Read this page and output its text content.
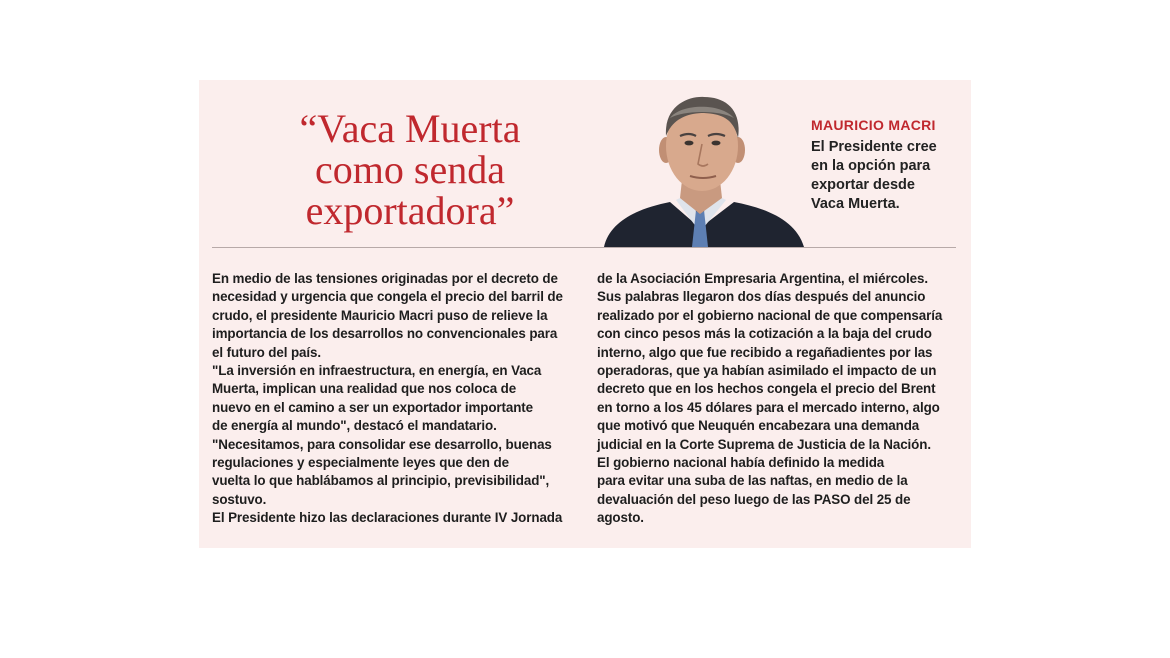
“Vaca Muerta
como senda
exportadora”

MAURICIO MACRI

El Presidente cree
en la opción para
exportar desde
Vaca Muerta.

En medio de las tensiones originadas por el decreto de
necesidad y urgencia que congela el precio del barril de
crudo, el presidente Mauricio Macri puso de relieve la
importancia de los desarrollos no convencionales para
el futuro del país.
"La inversión en infraestructura, en energía, en Vaca
Muerta, implican una realidad que nos coloca de
nuevo en el camino a ser un exportador importante
de energía al mundo", destacó el mandatario.
"Necesitamos, para consolidar ese desarrollo, buenas
regulaciones y especialmente leyes que den de
vuelta lo que hablábamos al principio, previsibilidad",
sostuvo.
El Presidente hizo las declaraciones durante IV Jornada
de la Asociación Empresaria Argentina, el miércoles.
Sus palabras llegaron dos días después del anuncio
realizado por el gobierno nacional de que compensaría
con cinco pesos más la cotización a la baja del crudo
interno, algo que fue recibido a regañadientes por las
operadoras, que ya habían asimilado el impacto de un
decreto que en los hechos congela el precio del Brent
en torno a los 45 dólares para el mercado interno, algo
que motivó que Neuquén encabezara una demanda
judicial en la Corte Suprema de Justicia de la Nación.
El gobierno nacional había definido la medida
para evitar una suba de las naftas, en medio de la
devaluación del peso luego de las PASO del 25 de
agosto.
